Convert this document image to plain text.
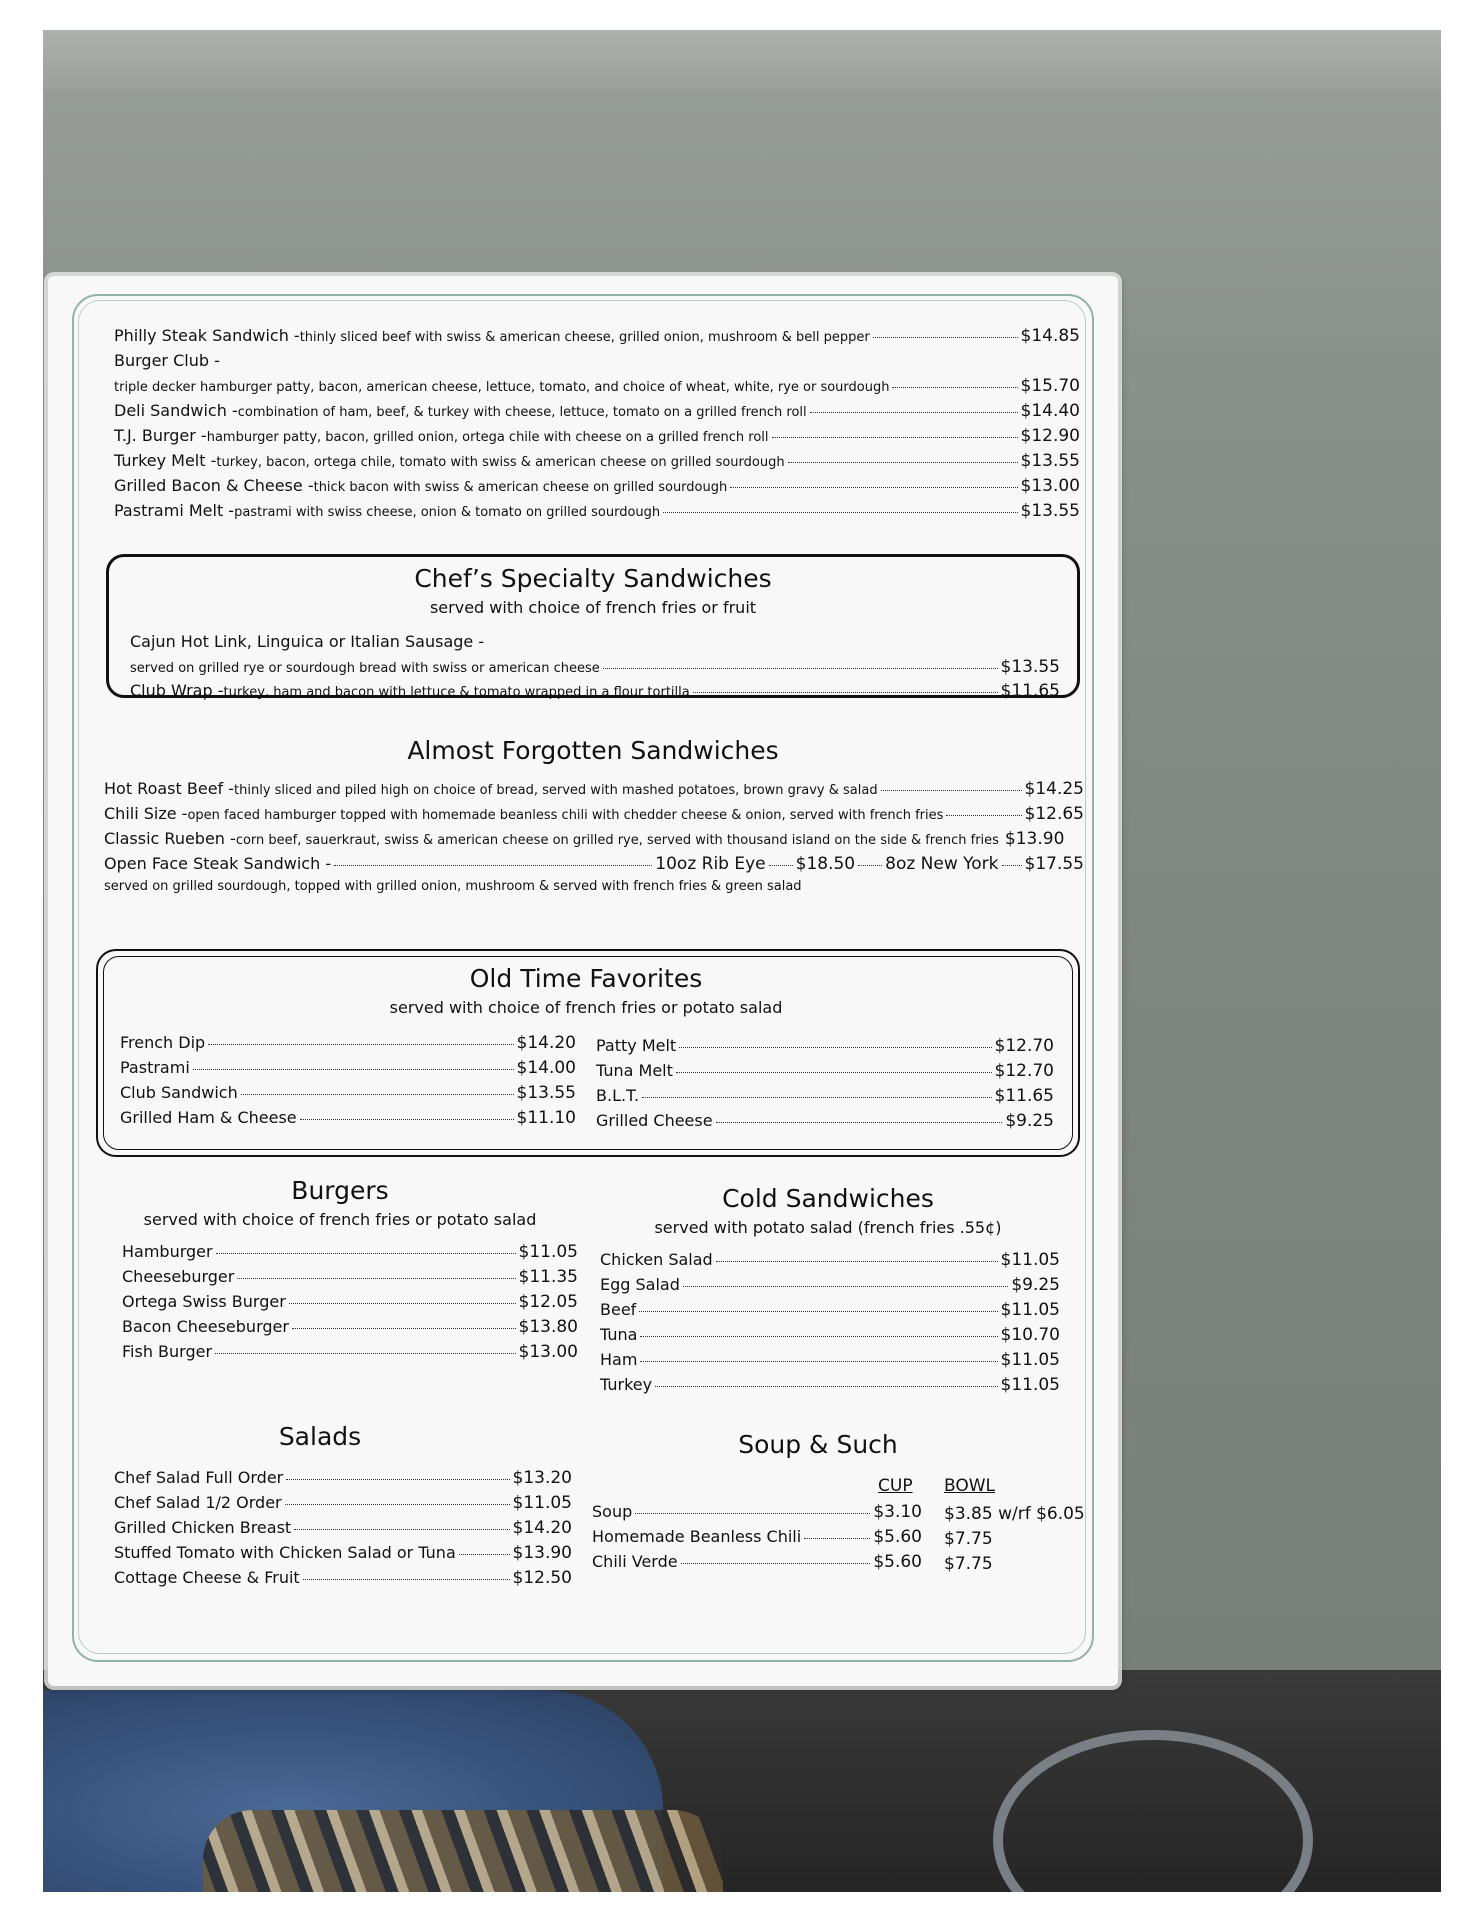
Philly Steak Sandwich - thinly sliced beef with swiss & american cheese, grilled onion, mushroom & bell pepper	$14.85
Burger Club -
triple decker hamburger patty, bacon, american cheese, lettuce, tomato, and choice of wheat, white, rye or sourdough	$15.70
Deli Sandwich - combination of ham, beef, & turkey with cheese, lettuce, tomato on a grilled french roll	$14.40
T.J. Burger - hamburger patty, bacon, grilled onion, ortega chile with cheese on a grilled french roll	$12.90
Turkey Melt - turkey, bacon, ortega chile, tomato with swiss & american cheese on grilled sourdough	$13.55
Grilled Bacon & Cheese - thick bacon with swiss & american cheese on grilled sourdough	$13.00
Pastrami Melt - pastrami with swiss cheese, onion & tomato on grilled sourdough	$13.55
Chef’s Specialty Sandwiches
served with choice of french fries or fruit
Cajun Hot Link, Linguica or Italian Sausage -
served on grilled rye or sourdough bread with swiss or american cheese	$13.55
Club Wrap - turkey, ham and bacon with lettuce & tomato wrapped in a flour tortilla	$11.65
Almost Forgotten Sandwiches
Hot Roast Beef - thinly sliced and piled high on choice of bread, served with mashed potatoes, brown gravy & salad	$14.25
Chili Size - open faced hamburger topped with homemade beanless chili with chedder cheese & onion, served with french fries	$12.65
Classic Rueben - corn beef, sauerkraut, swiss & american cheese on grilled rye, served with thousand island on the side & french fries $13.90
Open Face Steak Sandwich -	10oz Rib Eye $18.50 8oz New York $17.55
served on grilled sourdough, topped with grilled onion, mushroom & served with french fries & green salad
Old Time Favorites
served with choice of french fries or potato salad
French Dip	$14.20
Pastrami	$14.00
Club Sandwich	$13.55
Grilled Ham & Cheese	$11.10
Patty Melt	$12.70
Tuna Melt	$12.70
B.L.T.	$11.65
Grilled Cheese	$9.25
Burgers
served with choice of french fries or potato salad
Hamburger	$11.05
Cheeseburger	$11.35
Ortega Swiss Burger	$12.05
Bacon Cheeseburger	$13.80
Fish Burger	$13.00
Cold Sandwiches
served with potato salad (french fries .55¢)
Chicken Salad	$11.05
Egg Salad	$9.25
Beef	$11.05
Tuna	$10.70
Ham	$11.05
Turkey	$11.05
Salads
Chef Salad Full Order	$13.20
Chef Salad 1/2 Order	$11.05
Grilled Chicken Breast	$14.20
Stuffed Tomato with Chicken Salad or Tuna	$13.90
Cottage Cheese & Fruit	$12.50
Soup & Such
CUP BOWL
Soup	$3.10 $3.85 w/rf $6.05
Homemade Beanless Chili	$5.60 $7.75
Chili Verde	$5.60 $7.75
